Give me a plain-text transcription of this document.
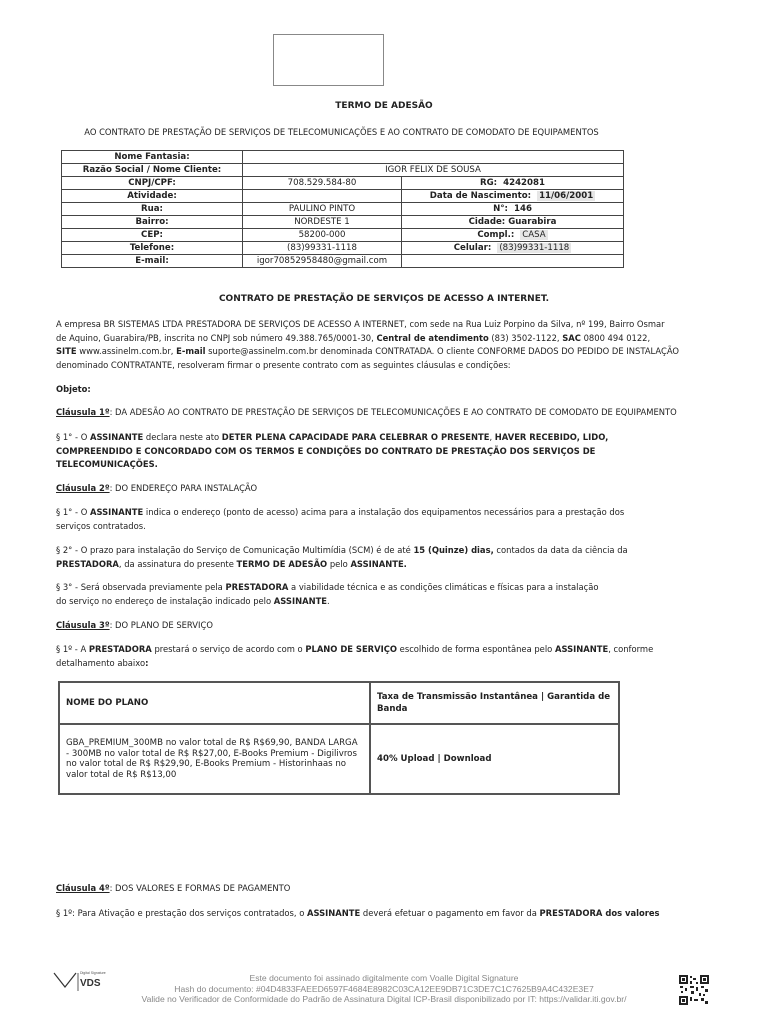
TERMO DE ADESÃO
AO CONTRATO DE PRESTAÇÃO DE SERVIÇOS DE TELECOMUNICAÇÕES E AO CONTRATO DE COMODATO DE EQUIPAMENTOS
Nome Fantasia:		
Razão Social / Nome Cliente:	IGOR FELIX DE SOUSA	
CNPJ/CPF:	708.529.584-80	RG: 4242081
Atividade:		Data de Nascimento: 11/06/2001
Rua:	PAULINO PINTO	N°: 146
Bairro:	NORDESTE 1	Cidade: Guarabira
CEP:	58200-000	Compl.: CASA
Telefone:	(83)99331-1118	Celular: (83)99331-1118
E-mail:	igor70852958480@gmail.com	
CONTRATO DE PRESTAÇÃO DE SERVIÇOS DE ACESSO A INTERNET.
A empresa BR SISTEMAS LTDA PRESTADORA DE SERVIÇOS DE ACESSO A INTERNET, com sede na Rua Luiz Porpino da Silva, nº 199, Bairro Osmar
de Aquino, Guarabira/PB, inscrita no CNPJ sob número 49.388.765/0001-30, Central de atendimento (83) 3502-1122, SAC 0800 494 0122,
SITE www.assinelm.com.br, E-mail suporte@assinelm.com.br denominada CONTRATADA. O cliente CONFORME DADOS DO PEDIDO DE INSTALAÇÃO
denominado CONTRATANTE, resolveram firmar o presente contrato com as seguintes cláusulas e condições:
Objeto:
Cláusula 1º: DA ADESÃO AO CONTRATO DE PRESTAÇÃO DE SERVIÇOS DE TELECOMUNICAÇÕES E AO CONTRATO DE COMODATO DE EQUIPAMENTO
§ 1° - O ASSINANTE declara neste ato DETER PLENA CAPACIDADE PARA CELEBRAR O PRESENTE, HAVER RECEBIDO, LIDO,
COMPREENDIDO E CONCORDADO COM OS TERMOS E CONDIÇÕES DO CONTRATO DE PRESTAÇÃO DOS SERVIÇOS DE
TELECOMUNICAÇÕES.
Cláusula 2º: DO ENDEREÇO PARA INSTALAÇÃO
§ 1° - O ASSINANTE indica o endereço (ponto de acesso) acima para a instalação dos equipamentos necessários para a prestação dos
serviços contratados.
§ 2° - O prazo para instalação do Serviço de Comunicação Multimídia (SCM) é de até 15 (Quinze) dias, contados da data da ciência da
PRESTADORA, da assinatura do presente TERMO DE ADESÃO pelo ASSINANTE.
§ 3° - Será observada previamente pela PRESTADORA a viabilidade técnica e as condições climáticas e físicas para a instalação
do serviço no endereço de instalação indicado pelo ASSINANTE.
Cláusula 3º: DO PLANO DE SERVIÇO
§ 1º - A PRESTADORA prestará o serviço de acordo com o PLANO DE SERVIÇO escolhido de forma espontânea pelo ASSINANTE, conforme
detalhamento abaixo:
NOME DO PLANO	Taxa de Transmissão Instantânea | Garantida de Banda
GBA_PREMIUM_300MB no valor total de R$ R$69,90, BANDA LARGA - 300MB no valor total de R$ R$27,00, E-Books Premium - Digilivros no valor total de R$ R$29,90, E-Books Premium - Historinhaas no valor total de R$ R$13,00	40% Upload | Download
Cláusula 4º: DOS VALORES E FORMAS DE PAGAMENTO
§ 1º: Para Ativação e prestação dos serviços contratados, o ASSINANTE deverá efetuar o pagamento em favor da PRESTADORA dos valores
Digital Signature
VDS	Este documento foi assinado digitalmente com Voalle Digital Signature
Hash do documento: #04D4833FAEED6597F4684E8982C03CA12EE9DB71C3DE7C1C7625B9A4C432E3E7
Valide no Verificador de Conformidade do Padrão de Assinatura Digital ICP-Brasil disponibilizado por IT: https://validar.iti.gov.br/
